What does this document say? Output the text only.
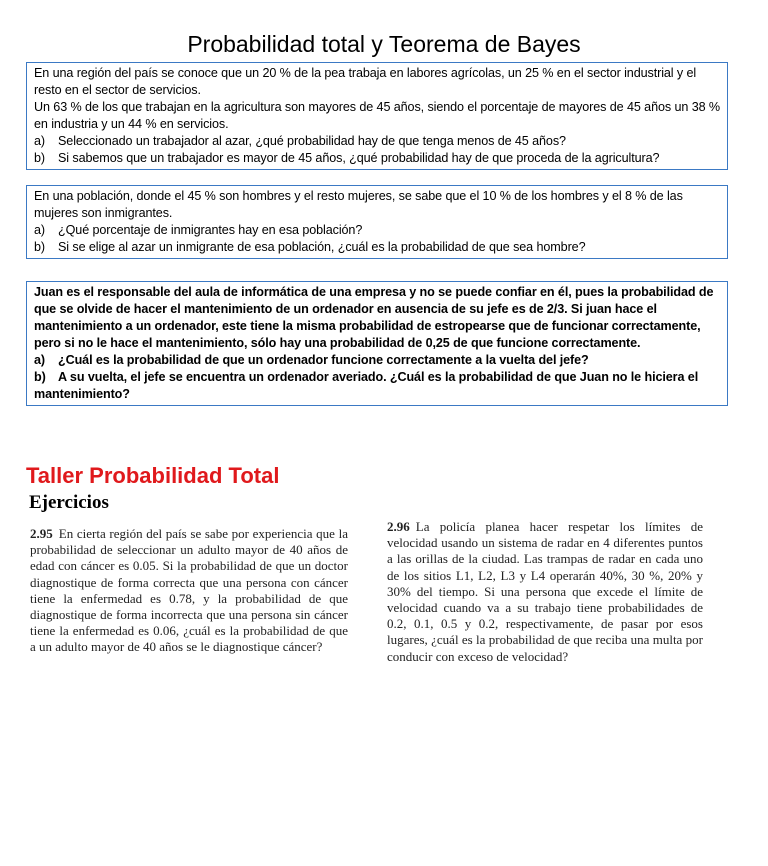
Probabilidad total y Teorema de Bayes

En una región del país se conoce que un 20 % de la pea trabaja en labores agrícolas, un 25 % en el sector industrial y el resto en el sector de servicios.

Un 63 % de los que trabajan en la agricultura son mayores de 45 años, siendo el porcentaje de mayores de 45 años un 38 % en industria y un 44 % en servicios.

a) Seleccionado un trabajador al azar, ¿qué probabilidad hay de que tenga menos de 45 años?
b) Si sabemos que un trabajador es mayor de 45 años, ¿qué probabilidad hay de que proceda de la agricultura?

En una población, donde el 45 % son hombres y el resto mujeres, se sabe que el 10 % de los hombres y el 8 % de las mujeres son inmigrantes.

a) ¿Qué porcentaje de inmigrantes hay en esa población?
b) Si se elige al azar un inmigrante de esa población, ¿cuál es la probabilidad de que sea hombre?

Juan es el responsable del aula de informática de una empresa y no se puede confiar en él, pues la probabilidad de que se olvide de hacer el mantenimiento de un ordenador en ausencia de su jefe es de 2/3. Si juan hace el mantenimiento a un ordenador, este tiene la misma probabilidad de estropearse que de funcionar correctamente, pero si no le hace el mantenimiento, sólo hay una probabilidad de 0,25 de que funcione correctamente.

a) ¿Cuál es la probabilidad de que un ordenador funcione correctamente a la vuelta del jefe?
b) A su vuelta, el jefe se encuentra un ordenador averiado. ¿Cuál es la probabilidad de que Juan no le hiciera el mantenimiento?
Taller Probabilidad Total
Ejercicios
2.95 En cierta región del país se sabe por experiencia que la probabilidad de seleccionar un adulto mayor de 40 años de edad con cáncer es 0.05. Si la probabilidad de que un doctor diagnostique de forma correcta que una persona con cáncer tiene la enfermedad es 0.78, y la probabilidad de que diagnostique de forma incorrecta que una persona sin cáncer tiene la enfermedad es 0.06, ¿cuál es la probabilidad de que a un adulto mayor de 40 años se le diagnostique cáncer?
2.96 La policía planea hacer respetar los límites de velocidad usando un sistema de radar en 4 diferentes puntos a las orillas de la ciudad. Las trampas de radar en cada uno de los sitios L1, L2, L3 y L4 operarán 40%, 30 %, 20% y 30% del tiempo. Si una persona que excede el límite de velocidad cuando va a su trabajo tiene probabilidades de 0.2, 0.1, 0.5 y 0.2, respectivamente, de pasar por esos lugares, ¿cuál es la probabilidad de que reciba una multa por conducir con exceso de velocidad?
